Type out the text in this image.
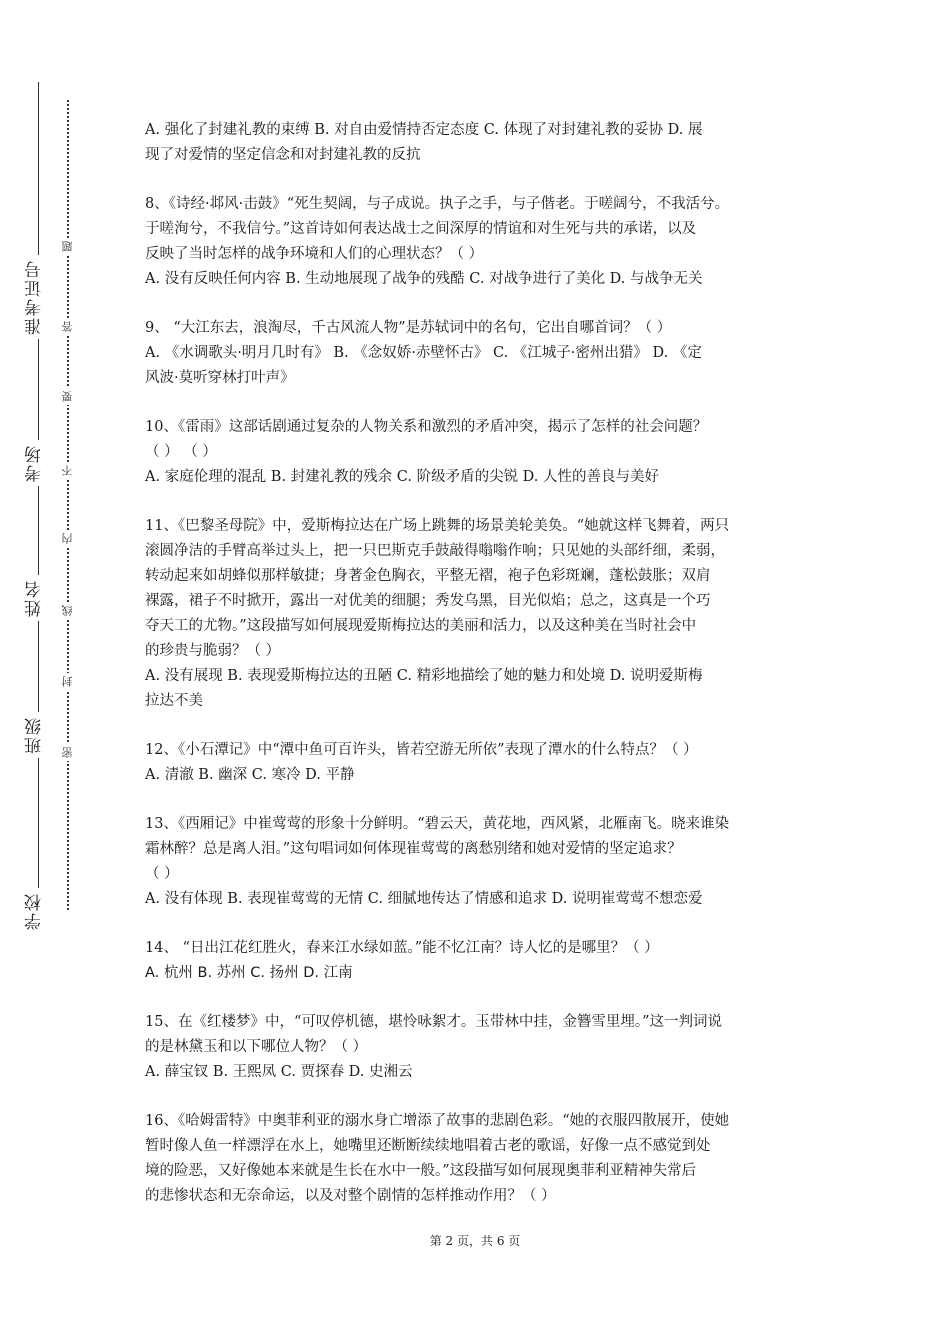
准考证号
考场
姓名
班级
学校
题
答
要
不
内
线
封
密

A. 强化了封建礼教的束缚 B. 对自由爱情持否定态度 C. 体现了对封建礼教的妥协 D. 展

现了对爱情的坚定信念和对封建礼教的反抗

8、《诗经·邶风·击鼓》“死生契阔，与子成说。执子之手，与子偕老。于嗟阔兮，不我活兮。

于嗟洵兮，不我信兮。”这首诗如何表达战士之间深厚的情谊和对生死与共的承诺，以及

反映了当时怎样的战争环境和人们的心理状态？（ ）

A. 没有反映任何内容 B. 生动地展现了战争的残酷 C. 对战争进行了美化 D. 与战争无关

9、 “大江东去，浪淘尽，千古风流人物”是苏轼词中的名句，它出自哪首词？（ ）

A. 《水调歌头·明月几时有》 B. 《念奴娇·赤壁怀古》 C. 《江城子·密州出猎》 D. 《定

风波·莫听穿林打叶声》

10、《雷雨》这部话剧通过复杂的人物关系和激烈的矛盾冲突，揭示了怎样的社会问题？

（ ） （ ）

A. 家庭伦理的混乱 B. 封建礼教的残余 C. 阶级矛盾的尖锐 D. 人性的善良与美好

11、《巴黎圣母院》中，爱斯梅拉达在广场上跳舞的场景美轮美奂。“她就这样飞舞着，两只

滚圆净洁的手臂高举过头上，把一只巴斯克手鼓敲得嗡嗡作响；只见她的头部纤细，柔弱，

转动起来如胡蜂似那样敏捷；身著金色胸衣，平整无褶，袍子色彩斑斓，蓬松鼓胀；双肩

裸露，裙子不时掀开，露出一对优美的细腿；秀发乌黑，目光似焰；总之，这真是一个巧

夺天工的尤物。”这段描写如何展现爱斯梅拉达的美丽和活力，以及这种美在当时社会中

的珍贵与脆弱？（ ）

A. 没有展现 B. 表现爱斯梅拉达的丑陋 C. 精彩地描绘了她的魅力和处境 D. 说明爱斯梅

拉达不美

12、《小石潭记》中“潭中鱼可百许头，皆若空游无所依”表现了潭水的什么特点？（ ）

A. 清澈 B. 幽深 C. 寒冷 D. 平静

13、《西厢记》中崔莺莺的形象十分鲜明。“碧云天，黄花地，西风紧，北雁南飞。晓来谁染

霜林醉？总是离人泪。”这句唱词如何体现崔莺莺的离愁别绪和她对爱情的坚定追求？

（ ）

A. 没有体现 B. 表现崔莺莺的无情 C. 细腻地传达了情感和追求 D. 说明崔莺莺不想恋爱

14、 “日出江花红胜火，春来江水绿如蓝。”能不忆江南？诗人忆的是哪里？（ ）

A. 杭州 B. 苏州 C. 扬州 D. 江南

15、在《红楼梦》中，“可叹停机德，堪怜咏絮才。玉带林中挂，金簪雪里埋。”这一判词说

的是林黛玉和以下哪位人物？（ ）

A. 薛宝钗 B. 王熙凤 C. 贾探春 D. 史湘云

16、《哈姆雷特》中奥菲利亚的溺水身亡增添了故事的悲剧色彩。“她的衣服四散展开，使她

暂时像人鱼一样漂浮在水上，她嘴里还断断续续地唱着古老的歌谣，好像一点不感觉到处

境的险恶，又好像她本来就是生长在水中一般。”这段描写如何展现奥菲利亚精神失常后

的悲惨状态和无奈命运，以及对整个剧情的怎样推动作用？（ ）

第 2 页，共 6 页
